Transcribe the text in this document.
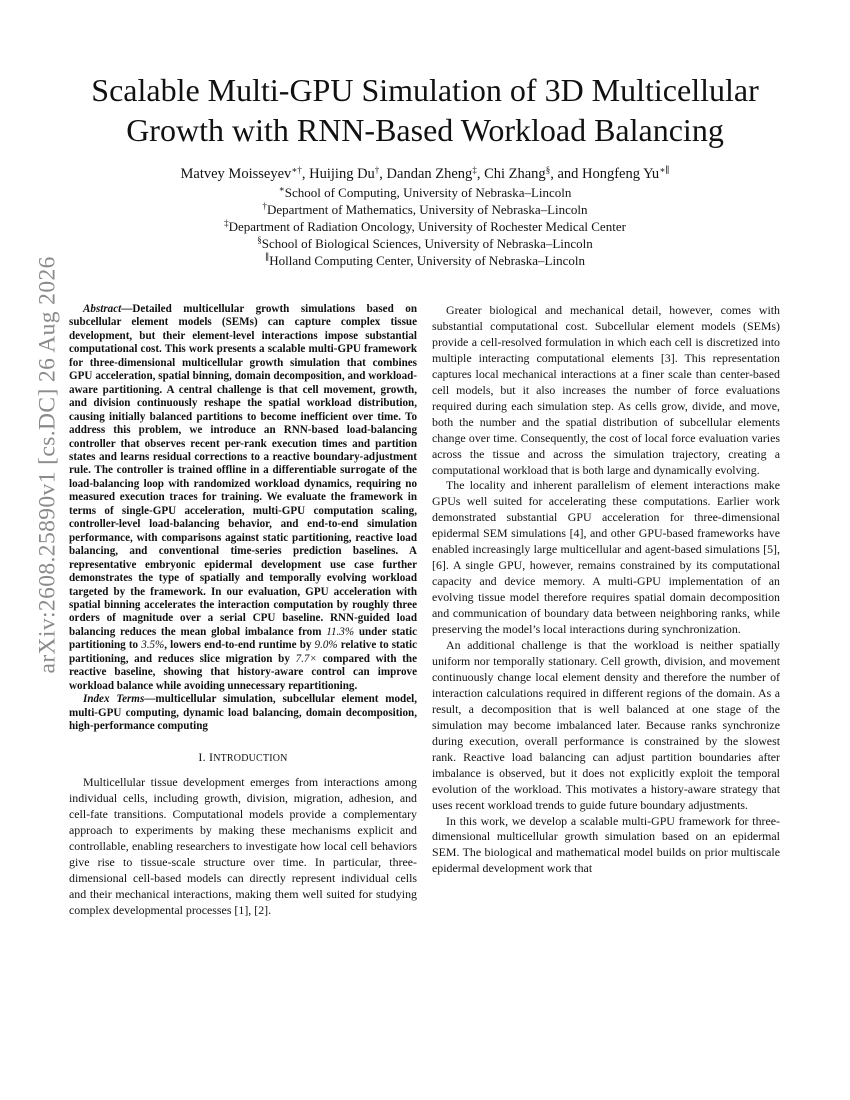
arXiv:2608.25890v1 [cs.DC] 26 Aug 2026
Scalable Multi-GPU Simulation of 3D Multicellular
Growth with RNN-Based Workload Balancing
Matvey Moisseyev∗†, Huijing Du†, Dandan Zheng‡, Chi Zhang§, and Hongfeng Yu∗∥
∗School of Computing, University of Nebraska–Lincoln
†Department of Mathematics, University of Nebraska–Lincoln
‡Department of Radiation Oncology, University of Rochester Medical Center
§School of Biological Sciences, University of Nebraska–Lincoln
∥Holland Computing Center, University of Nebraska–Lincoln

Abstract—Detailed multicellular growth simulations based on subcellular element models (SEMs) can capture complex tissue development, but their element-level interactions impose substantial computational cost. This work presents a scalable multi-GPU framework for three-dimensional multicellular growth simulation that combines GPU acceleration, spatial binning, domain decomposition, and workload-aware partitioning. A central challenge is that cell movement, growth, and division continuously reshape the spatial workload distribution, causing initially balanced partitions to become inefficient over time. To address this problem, we introduce an RNN-based load-balancing controller that observes recent per-rank execution times and partition states and learns residual corrections to a reactive boundary-adjustment rule. The controller is trained offline in a differentiable surrogate of the load-balancing loop with randomized workload dynamics, requiring no measured execution traces for training. We evaluate the framework in terms of single-GPU acceleration, multi-GPU computation scaling, controller-level load-balancing behavior, and end-to-end simulation performance, with comparisons against static partitioning, reactive load balancing, and conventional time-series prediction baselines. A representative embryonic epidermal development use case further demonstrates the type of spatially and temporally evolving workload targeted by the framework. In our evaluation, GPU acceleration with spatial binning accelerates the interaction computation by roughly three orders of magnitude over a serial CPU baseline. RNN-guided load balancing reduces the mean global imbalance from 11.3% under static partitioning to 3.5%, lowers end-to-end runtime by 9.0% relative to static partitioning, and reduces slice migration by 7.7× compared with the reactive baseline, showing that history-aware control can improve workload balance while avoiding unnecessary repartitioning.

Index Terms—multicellular simulation, subcellular element model, multi-GPU computing, dynamic load balancing, domain decomposition, high-performance computing

I. INTRODUCTION

Multicellular tissue development emerges from interactions among individual cells, including growth, division, migration, adhesion, and cell-fate transitions. Computational models provide a complementary approach to experiments by making these mechanisms explicit and controllable, enabling researchers to investigate how local cell behaviors give rise to tissue-scale structure over time. In particular, three-dimensional cell-based models can directly represent individual cells and their mechanical interactions, making them well suited for studying complex developmental processes [1], [2].

Greater biological and mechanical detail, however, comes with substantial computational cost. Subcellular element models (SEMs) provide a cell-resolved formulation in which each cell is discretized into multiple interacting computational elements [3]. This representation captures local mechanical interactions at a finer scale than center-based cell models, but it also increases the number of force evaluations required during each simulation step. As cells grow, divide, and move, both the number and the spatial distribution of subcellular elements change over time. Consequently, the cost of local force evaluation varies across the tissue and across the simulation trajectory, creating a computational workload that is both large and dynamically evolving.

The locality and inherent parallelism of element interactions make GPUs well suited for accelerating these computations. Earlier work demonstrated substantial GPU acceleration for three-dimensional epidermal SEM simulations [4], and other GPU-based frameworks have enabled increasingly large multicellular and agent-based simulations [5], [6]. A single GPU, however, remains constrained by its computational capacity and device memory. A multi-GPU implementation of an evolving tissue model therefore requires spatial domain decomposition and communication of boundary data between neighboring ranks, while preserving the model’s local interactions during synchronization.

An additional challenge is that the workload is neither spatially uniform nor temporally stationary. Cell growth, division, and movement continuously change local element density and therefore the number of interaction calculations required in different regions of the domain. As a result, a decomposition that is well balanced at one stage of the simulation may become imbalanced later. Because ranks synchronize during execution, overall performance is constrained by the slowest rank. Reactive load balancing can adjust partition boundaries after imbalance is observed, but it does not explicitly exploit the temporal evolution of the workload. This motivates a history-aware strategy that uses recent workload trends to guide future boundary adjustments.

In this work, we develop a scalable multi-GPU framework for three-dimensional multicellular growth simulation based on an epidermal SEM. The biological and mathematical model builds on prior multiscale epidermal development work that
